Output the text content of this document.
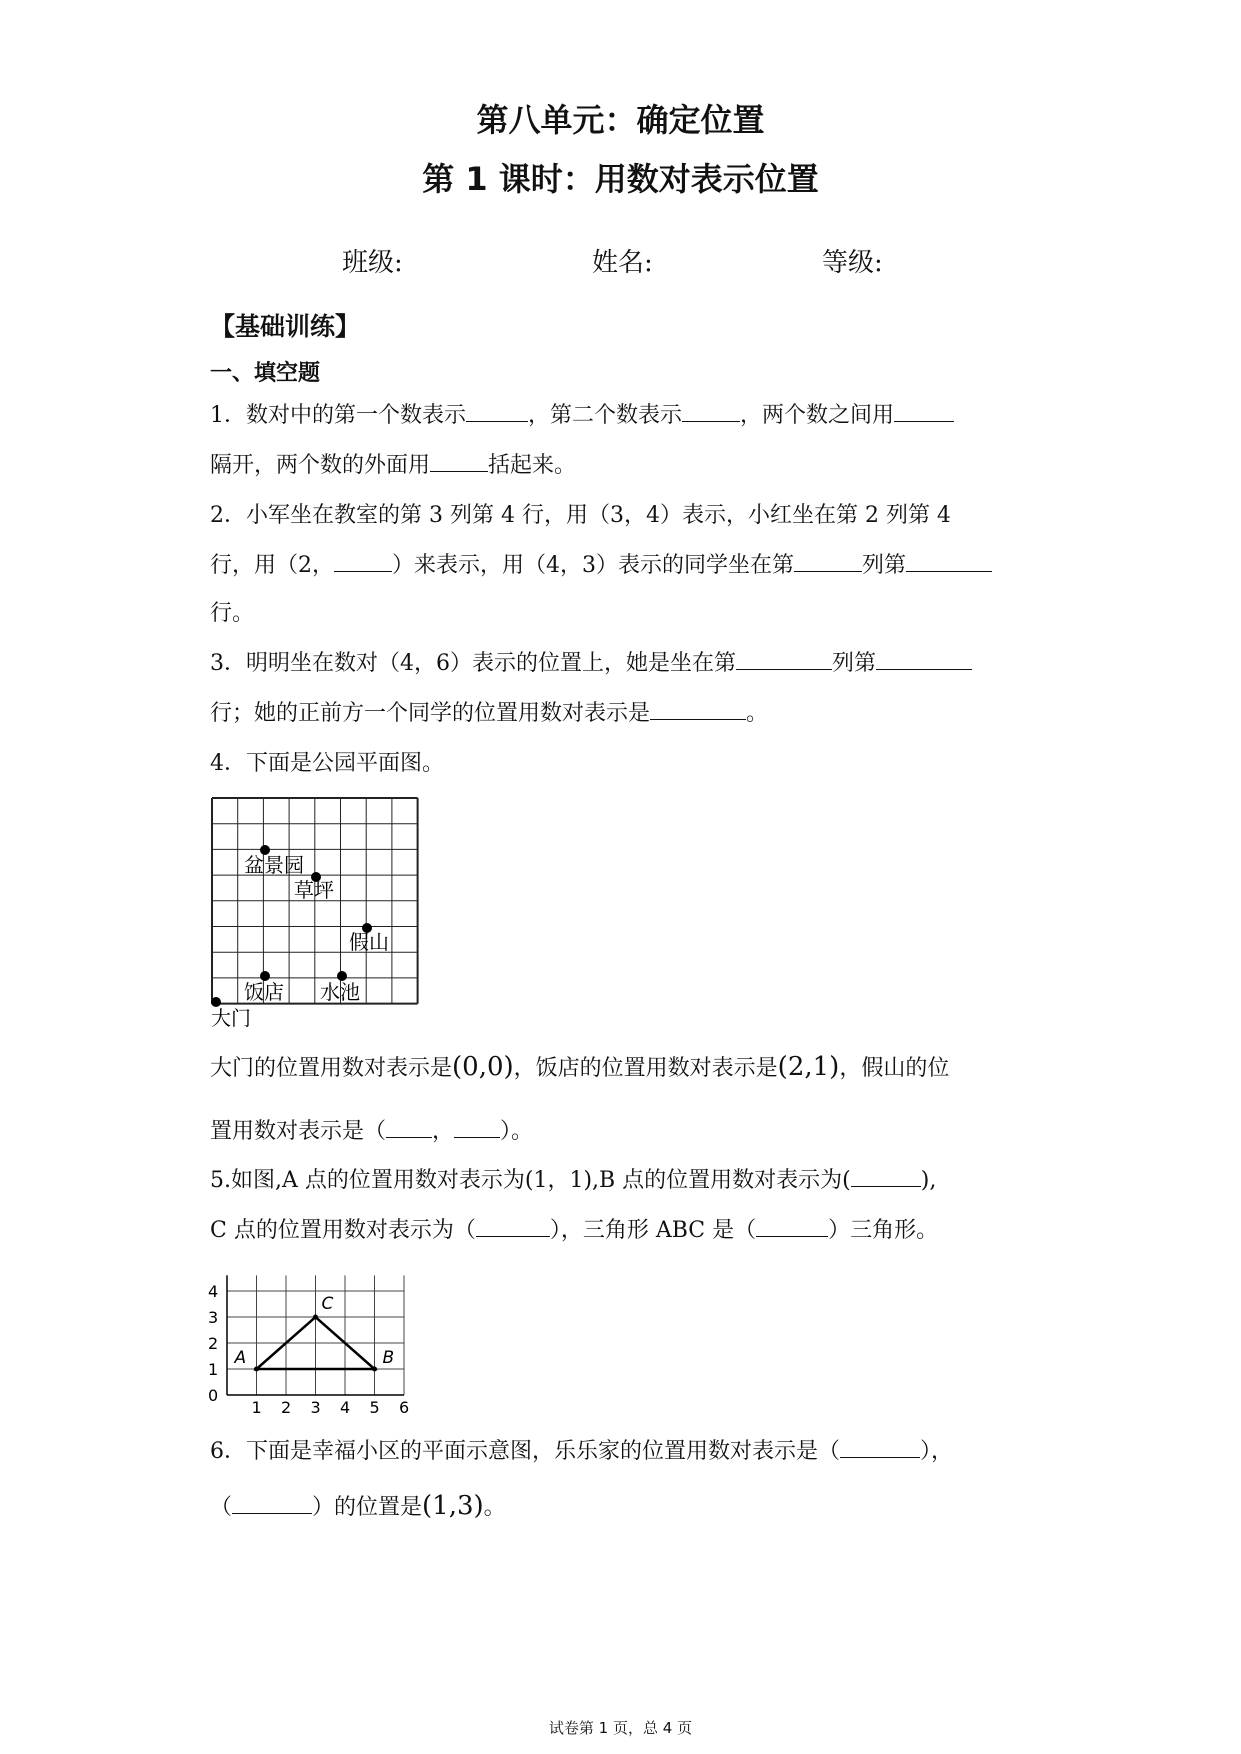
第八单元：确定位置
第 1 课时：用数对表示位置
班级:	姓名:	等级:
【基础训练】
一、填空题
1．数对中的第一个数表示	，第二个数表示	，两个数之间用
隔开，两个数的外面用	括起来。
2．小军坐在教室的第 3 列第 4 行，用（3，4）表示，小红坐在第 2 列第 4
行，用（2，	）来表示，用（4，3）表示的同学坐在第	列第
行。
3．明明坐在数对（4，6）表示的位置上，她是坐在第	列第
行；她的正前方一个同学的位置用数对表示是	。
4．下面是公园平面图。
盆景园
草坪
假山
饭店 水池
大门
大门的位置用数对表示是(0,0)，饭店的位置用数对表示是(2,1)，假山的位
置用数对表示是（ ， ）。
5.如图,A 点的位置用数对表示为(1，1),B 点的位置用数对表示为(	),
C 点的位置用数对表示为（	），三角形 ABC 是（	）三角形。
1 2 3 4 5 6
0
1
2
3
4
A	B
C
6．下面是幸福小区的平面示意图，乐乐家的位置用数对表示是（	），
（	）的位置是(1,3)。
试卷第 1 页，总 4 页
